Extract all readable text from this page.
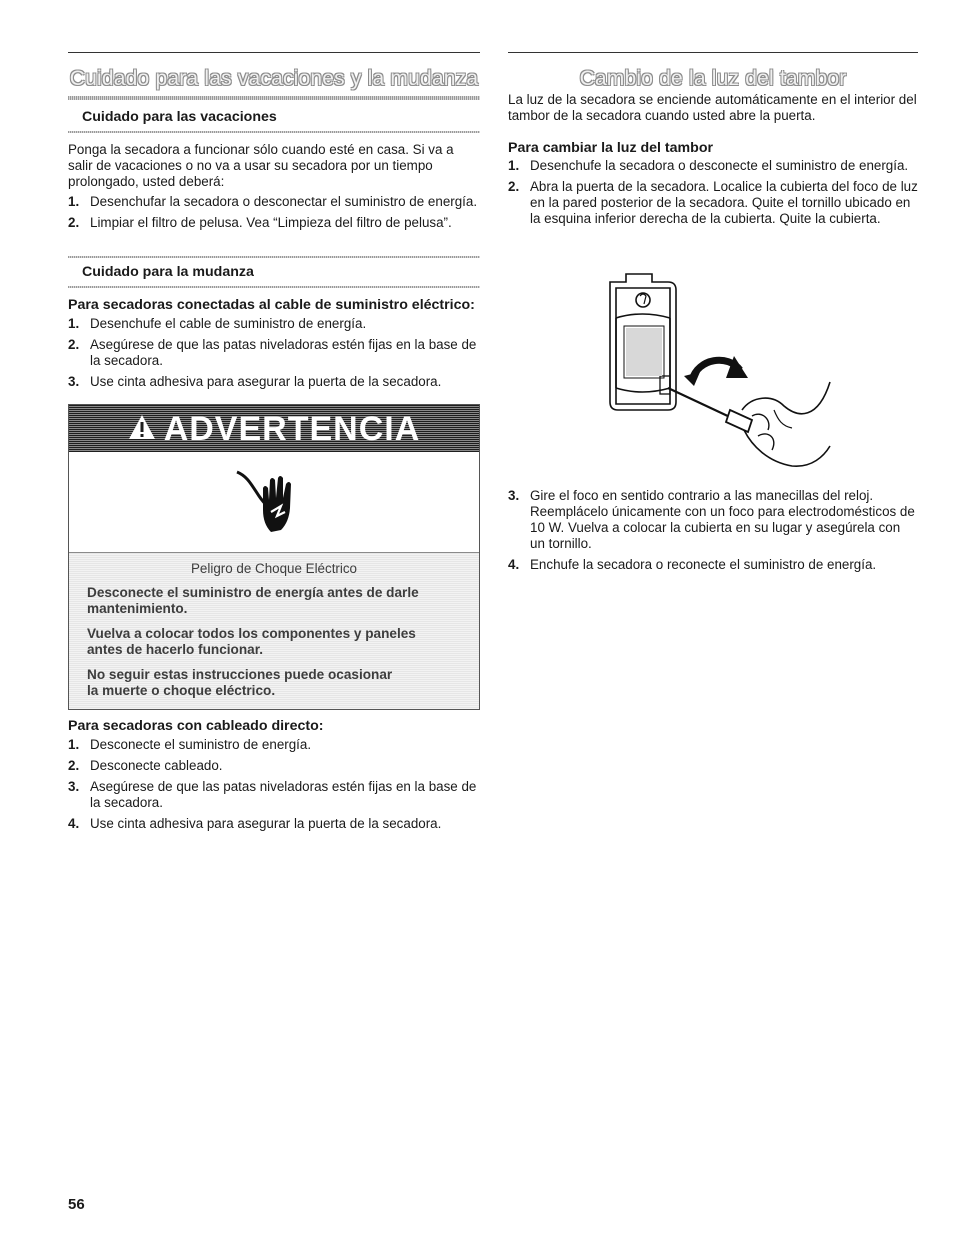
Cuidado para las vacaciones y la mudanza
Cuidado para las vacaciones

Ponga la secadora a funcionar sólo cuando esté en casa. Si va a salir de vacaciones o no va a usar su secadora por un tiempo prolongado, usted deberá:

1. Desenchufar la secadora o desconectar el suministro de energía.
2. Limpiar el filtro de pelusa. Vea “Limpieza del filtro de pelusa”.
Cuidado para la mudanza
Para secadoras conectadas al cable de suministro eléctrico:
1. Desenchufe el cable de suministro de energía.
2. Asegúrese de que las patas niveladoras estén fijas en la base de la secadora.
3. Use cinta adhesiva para asegurar la puerta de la secadora.
ADVERTENCIA
Peligro de Choque Eléctrico
Desconecte el suministro de energía antes de darle
mantenimiento.
Vuelva a colocar todos los componentes y paneles
antes de hacerlo funcionar.
No seguir estas instrucciones puede ocasionar
la muerte o choque eléctrico.
Para secadoras con cableado directo:
1. Desconecte el suministro de energía.
2. Desconecte cableado.
3. Asegúrese de que las patas niveladoras estén fijas en la base de la secadora.
4. Use cinta adhesiva para asegurar la puerta de la secadora.
Cambio de la luz del tambor

La luz de la secadora se enciende automáticamente en el interior del tambor de la secadora cuando usted abre la puerta.

Para cambiar la luz del tambor
1. Desenchufe la secadora o desconecte el suministro de energía.
2. Abra la puerta de la secadora. Localice la cubierta del foco de luz en la pared posterior de la secadora. Quite el tornillo ubicado en la esquina inferior derecha de la cubierta. Quite la cubierta.
3. Gire el foco en sentido contrario a las manecillas del reloj. Reemplácelo únicamente con un foco para electrodomésticos de 10 W. Vuelva a colocar la cubierta en su lugar y asegúrela con un tornillo.
4. Enchufe la secadora o reconecte el suministro de energía.
56
